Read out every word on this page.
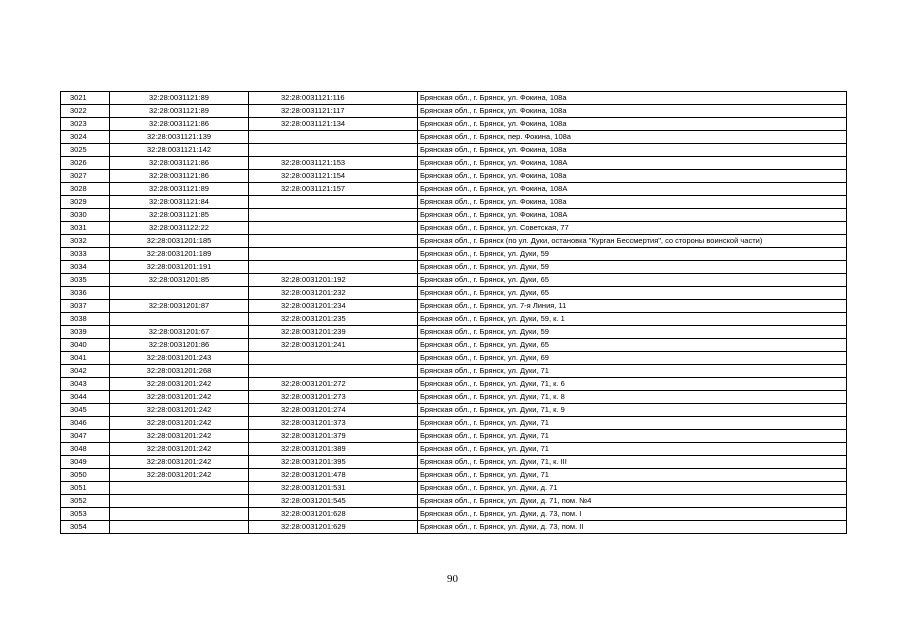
3021	32:28:0031121:89	32:28:0031121:116	Брянская обл., г. Брянск, ул. Фокина, 108а
3022	32:28:0031121:89	32:28:0031121:117	Брянская обл., г. Брянск, ул. Фокина, 108а
3023	32:28:0031121:86	32:28:0031121:134	Брянская обл., г. Брянск, ул. Фокина, 108а
3024	32:28:0031121:139		Брянская обл., г. Брянск, пер. Фокина, 108а
3025	32:28:0031121:142		Брянская обл., г. Брянск, ул. Фокина, 108а
3026	32:28:0031121:86	32:28:0031121:153	Брянская обл., г. Брянск, ул. Фокина, 108А
3027	32:28:0031121:86	32:28:0031121:154	Брянская обл., г. Брянск, ул. Фокина, 108а
3028	32:28:0031121:89	32:28:0031121:157	Брянская обл., г. Брянск, ул. Фокина, 108А
3029	32:28:0031121:84		Брянская обл., г. Брянск, ул. Фокина, 108а
3030	32:28:0031121:85		Брянская обл., г. Брянск, ул. Фокина, 108А
3031	32:28:0031122:22		Брянская обл., г. Брянск, ул. Советская, 77
3032	32:28:0031201:185		Брянская обл., г. Брянск (по ул. Дуки, остановка "Курган Бессмертия", со стороны воинской части)
3033	32:28:0031201:189		Брянская обл., г. Брянск, ул. Дуки, 59
3034	32:28:0031201:191		Брянская обл., г. Брянск, ул. Дуки, 59
3035	32:28:0031201:85	32:28:0031201:192	Брянская обл., г. Брянск, ул. Дуки, 65
3036		32:28:0031201:232	Брянская обл., г. Брянск, ул. Дуки, 65
3037	32:28:0031201:87	32:28:0031201:234	Брянская обл., г. Брянск, ул. 7-я Линия, 11
3038		32:28:0031201:235	Брянская обл., г. Брянск, ул. Дуки, 59, к. 1
3039	32:28:0031201:67	32:28:0031201:239	Брянская обл., г. Брянск, ул. Дуки, 59
3040	32:28:0031201:86	32:28:0031201:241	Брянская обл., г. Брянск, ул. Дуки, 65
3041	32:28:0031201:243		Брянская обл., г. Брянск, ул. Дуки, 69
3042	32:28:0031201:268		Брянская обл., г. Брянск, ул. Дуки, 71
3043	32:28:0031201:242	32:28:0031201:272	Брянская обл., г. Брянск, ул. Дуки, 71, к. 6
3044	32:28:0031201:242	32:28:0031201:273	Брянская обл., г. Брянск, ул. Дуки, 71, к. 8
3045	32:28:0031201:242	32:28:0031201:274	Брянская обл., г. Брянск, ул. Дуки, 71, к. 9
3046	32:28:0031201:242	32:28:0031201:373	Брянская обл., г. Брянск, ул. Дуки, 71
3047	32:28:0031201:242	32:28:0031201:379	Брянская обл., г. Брянск, ул. Дуки, 71
3048	32:28:0031201:242	32:28:0031201:389	Брянская обл., г. Брянск, ул. Дуки, 71
3049	32:28:0031201:242	32:28:0031201:395	Брянская обл., г. Брянск, ул. Дуки, 71, к. III
3050	32:28:0031201:242	32:28:0031201:478	Брянская обл., г. Брянск, ул. Дуки, 71
3051		32:28:0031201:531	Брянская обл., г. Брянск, ул. Дуки, д. 71
3052		32:28:0031201:545	Брянская обл., г. Брянск, ул. Дуки, д. 71, пом. №4
3053		32:28:0031201:628	Брянская обл., г. Брянск, ул. Дуки, д. 73, пом. I
3054		32:28:0031201:629	Брянская обл., г. Брянск, ул. Дуки, д. 73, пом. II
90
